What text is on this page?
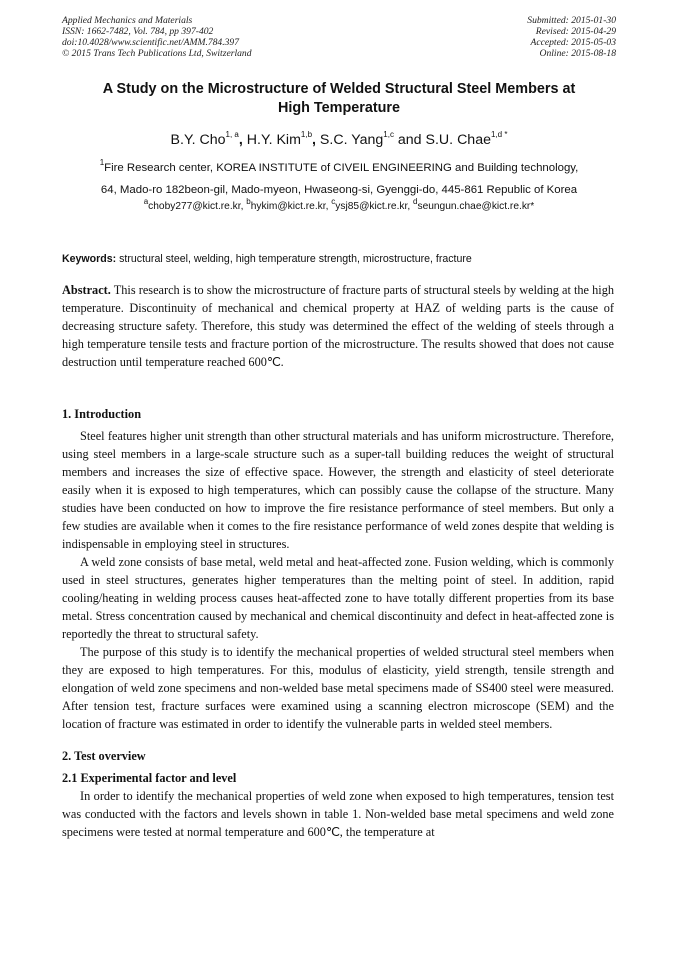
Applied Mechanics and Materials
ISSN: 1662-7482, Vol. 784, pp 397-402
doi:10.4028/www.scientific.net/AMM.784.397
© 2015 Trans Tech Publications Ltd, Switzerland
Submitted: 2015-01-30
Revised: 2015-04-29
Accepted: 2015-05-03
Online: 2015-08-18
A Study on the Microstructure of Welded Structural Steel Members at
High Temperature
B.Y. Cho$^{1, a}$, H.Y. Kim$^{1,b}$, S.C. Yang$^{1,c}$ and S.U. Chae$^{1,d *}$
$^1$Fire Research center, KOREA INSTITUTE of CIVEIL ENGINEERING and Building technology,
64, Mado-ro 182beon-gil, Mado-myeon, Hwaseong-si, Gyenggi-do, 445-861 Republic of Korea
$^a$choby277@kict.re.kr, $^b$hykim@kict.re.kr, $^c$ysj85@kict.re.kr, $^d$seungun.chae@kict.re.kr*
Keywords: structural steel, welding, high temperature strength, microstructure, fracture
Abstract. This research is to show the microstructure of fracture parts of structural steels by welding at the high temperature. Discontinuity of mechanical and chemical property at HAZ of welding parts is the cause of decreasing structure safety. Therefore, this study was determined the effect of the welding of steels through a high temperature tensile tests and fracture portion of the microstructure. The results showed that does not cause destruction until temperature reached 600℃.
1. Introduction

Steel features higher unit strength than other structural materials and has uniform microstructure. Therefore, using steel members in a large-scale structure such as a super-tall building reduces the weight of structural members and increases the size of effective space. However, the strength and elasticity of steel deteriorate easily when it is exposed to high temperatures, which can possibly cause the collapse of the structure. Many studies have been conducted on how to improve the fire resistance performance of steel members. But only a few studies are available when it comes to the fire resistance performance of weld zones despite that welding is indispensable in employing steel in structures.

A weld zone consists of base metal, weld metal and heat-affected zone. Fusion welding, which is commonly used in steel structures, generates higher temperatures than the melting point of steel. In addition, rapid cooling/heating in welding process causes heat-affected zone to have totally different properties from its base metal. Stress concentration caused by mechanical and chemical discontinuity and defect in heat-affected zone is reportedly the threat to structural safety.

The purpose of this study is to identify the mechanical properties of welded structural steel members when they are exposed to high temperatures. For this, modulus of elasticity, yield strength, tensile strength and elongation of weld zone specimens and non-welded base metal specimens made of SS400 steel were measured. After tension test, fracture surfaces were examined using a scanning electron microscope (SEM) and the location of fracture was estimated in order to identify the vulnerable parts in welded steel members.

2. Test overview
2.1 Experimental factor and level

In order to identify the mechanical properties of weld zone when exposed to high temperatures, tension test was conducted with the factors and levels shown in table 1. Non-welded base metal specimens and weld zone specimens were tested at normal temperature and 600℃, the temperature at
